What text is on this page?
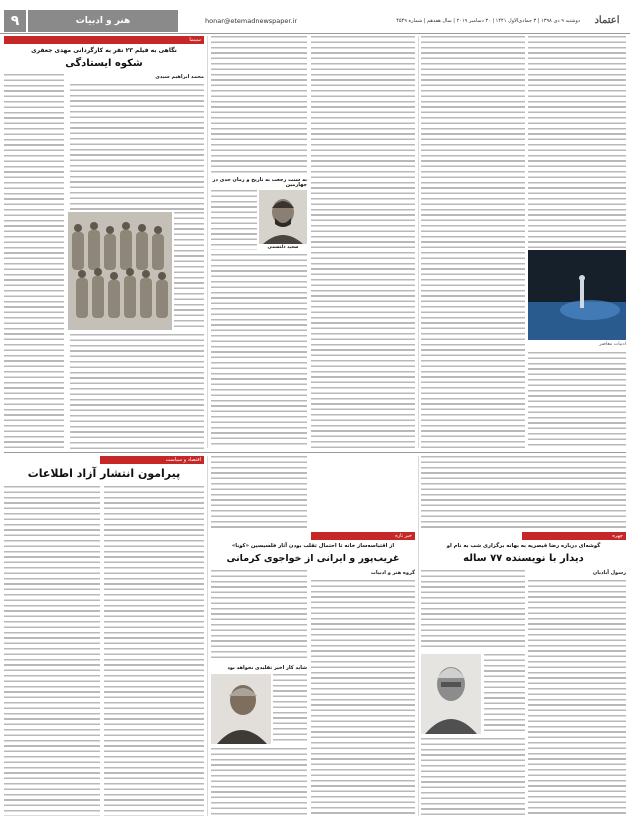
۹	هنر و ادبیات	honar@etemadnewspaper.ir	دوشنبه ۹ دی ۱۳۹۸ | ۳ جمادی‌الاول ۱۴۴۱ | ۳۰ دسامبر ۲۰۱۹ | سال هفدهم | شماره ۴۵۴۹	اعتماد
سینما
نگاهی به فیلم ۲۳ نفر به کارگردانی مهدی جعفری
شکوه ایستادگی
محمد ابراهیم سیدی
به سنت رجعت به تاریخ و رمان جدی در چهارمین
سعید دلتسمی
ادبیات معاصر
اقتصاد و سیاست
پیرامون انتشار آزاد اطلاعات
خبر تازه
از اقتباسه‌ساز خانه تا احتمال تقلب بودن آثار فلسیسین «کوبا»
غریب‌پور و ایرانی از خواجوی کرمانی
گروه هنر و ادبیات
شاید کار اخیر تقلیدی نخواهد بود
چهره
گوشه‌ای درباره رضا قیصریه به بهانه برگزاری شب به نام او
دیدار با نویسنده ۷۷ ساله
رسول آبادیان
